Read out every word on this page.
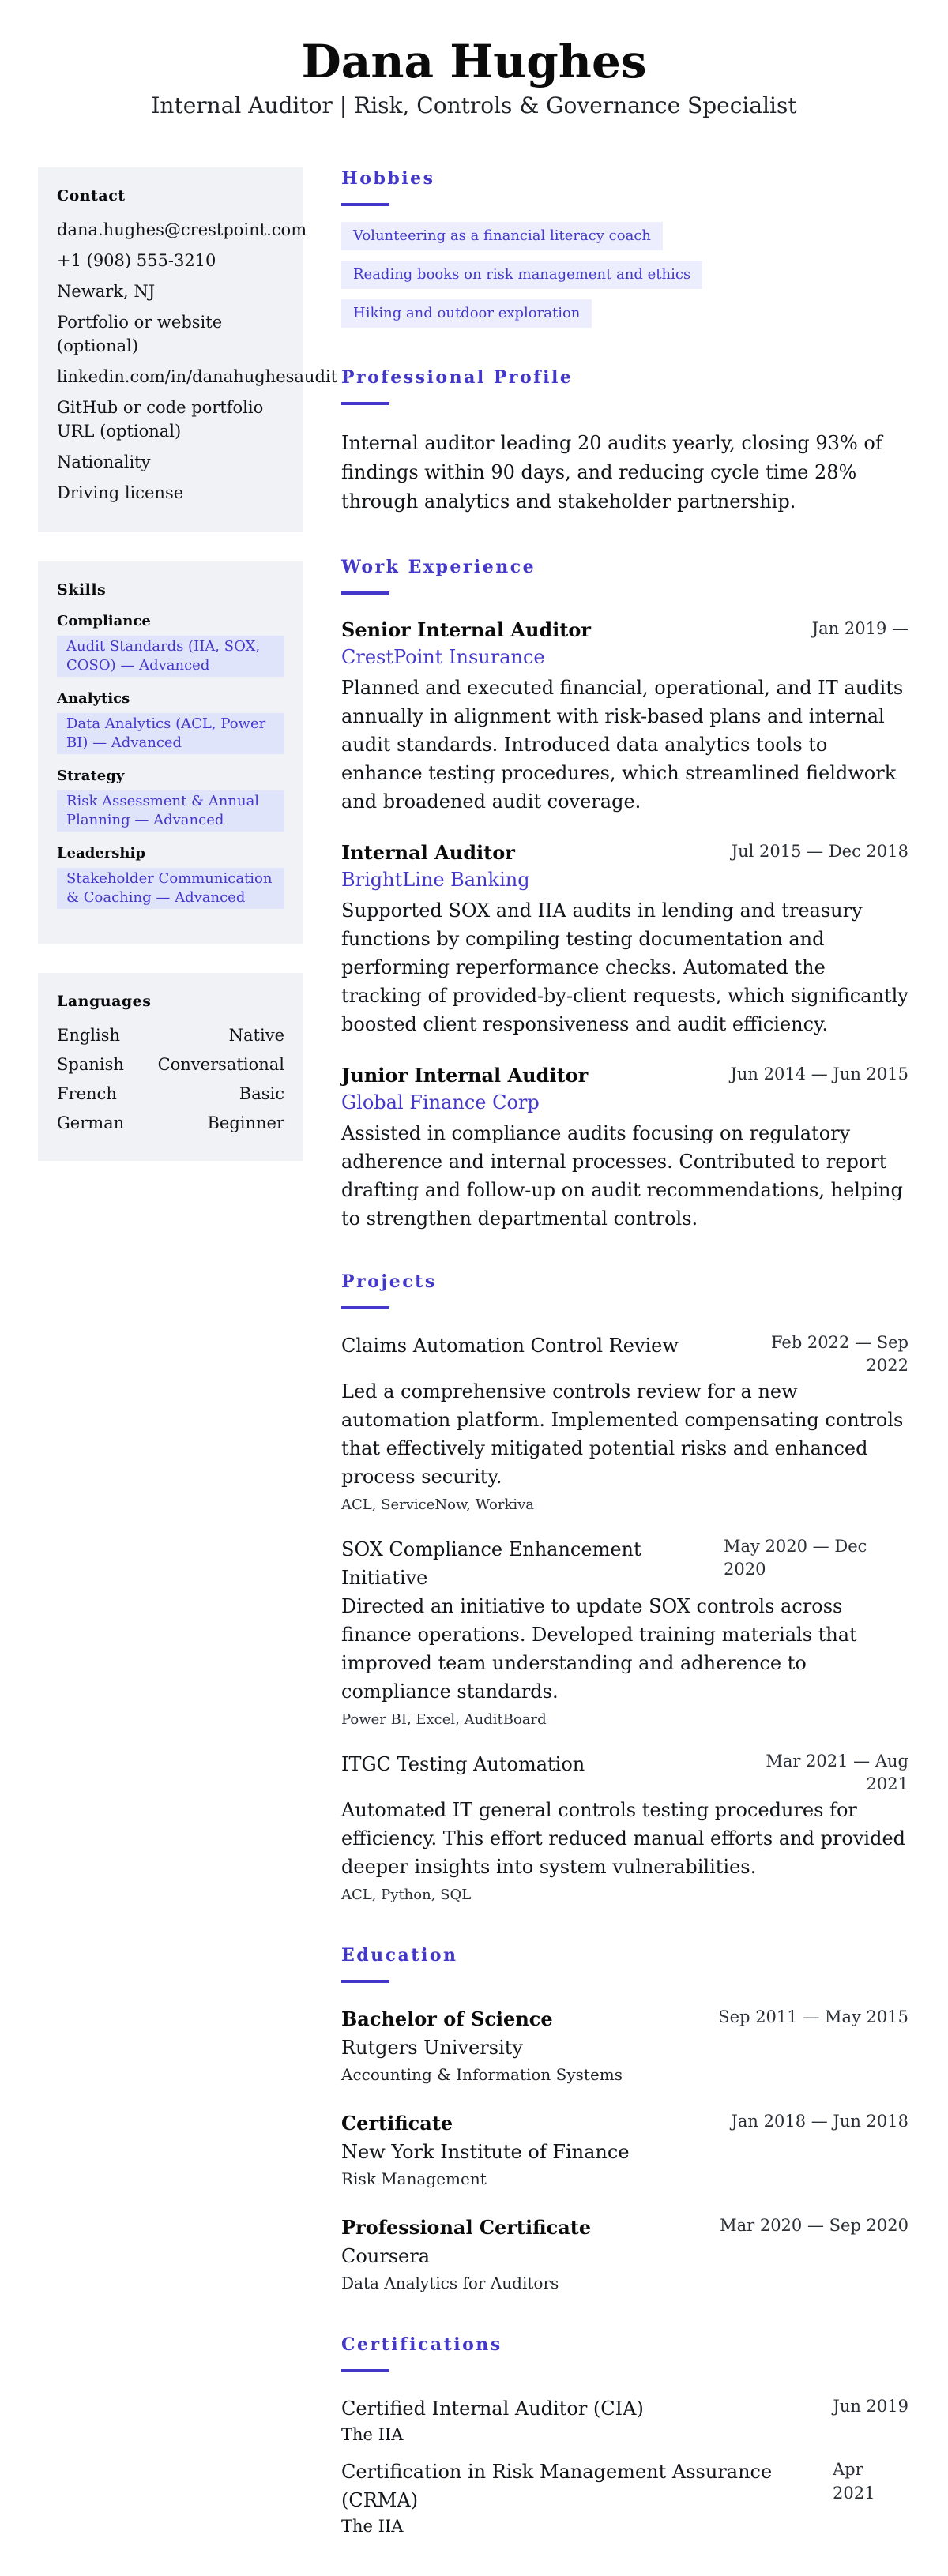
Dana Hughes
Internal Auditor | Risk, Controls & Governance Specialist
Contact
dana.hughes@crestpoint.com
+1 (908) 555-3210
Newark, NJ
Portfolio or website (optional)
linkedin.com/in/danahughesaudit
GitHub or code portfolio URL (optional)
Nationality
Driving license
Skills
Compliance
Audit Standards (IIA, SOX, COSO) — Advanced
Analytics
Data Analytics (ACL, Power BI) — Advanced
Strategy
Risk Assessment & Annual Planning — Advanced
Leadership
Stakeholder Communication & Coaching — Advanced
Languages
English	Native
Spanish Conversational
French	Basic
German	Beginner
Hobbies
Volunteering as a financial literacy coach
Reading books on risk management and ethics
Hiking and outdoor exploration
Professional Profile

Internal auditor leading 20 audits yearly, closing 93% of findings within 90 days, and reducing cycle time 28% through analytics and stakeholder partnership.

Work Experience
Senior Internal Auditor	Jan 2019 —
CrestPoint Insurance

Planned and executed financial, operational, and IT audits annually in alignment with risk-based plans and internal audit standards. Introduced data analytics tools to enhance testing procedures, which streamlined fieldwork and broadened audit coverage.

Internal Auditor	Jul 2015 — Dec 2018
BrightLine Banking

Supported SOX and IIA audits in lending and treasury functions by compiling testing documentation and performing reperformance checks. Automated the tracking of provided-by-client requests, which significantly boosted client responsiveness and audit efficiency.

Junior Internal Auditor	Jun 2014 — Jun 2015
Global Finance Corp

Assisted in compliance audits focusing on regulatory adherence and internal processes. Contributed to report drafting and follow-up on audit recommendations, helping to strengthen departmental controls.

Projects
Claims Automation Control Review	Feb 2022 — Sep 2022

Led a comprehensive controls review for a new automation platform. Implemented compensating controls that effectively mitigated potential risks and enhanced process security.

ACL, ServiceNow, Workiva
SOX Compliance Enhancement Initiative
May 2020 — Dec 2020

Directed an initiative to update SOX controls across finance operations. Developed training materials that improved team understanding and adherence to compliance standards.

Power BI, Excel, AuditBoard
ITGC Testing Automation	Mar 2021 — Aug 2021

Automated IT general controls testing procedures for efficiency. This effort reduced manual efforts and provided deeper insights into system vulnerabilities.

ACL, Python, SQL
Education
Bachelor of Science	Sep 2011 — May 2015
Rutgers University
Accounting & Information Systems
Certificate	Jan 2018 — Jun 2018
New York Institute of Finance
Risk Management
Professional Certificate	Mar 2020 — Sep 2020
Coursera
Data Analytics for Auditors
Certifications
Certified Internal Auditor (CIA)	Jun 2019
The IIA
Certification in Risk Management Assurance (CRMA)
Apr 2021
The IIA
